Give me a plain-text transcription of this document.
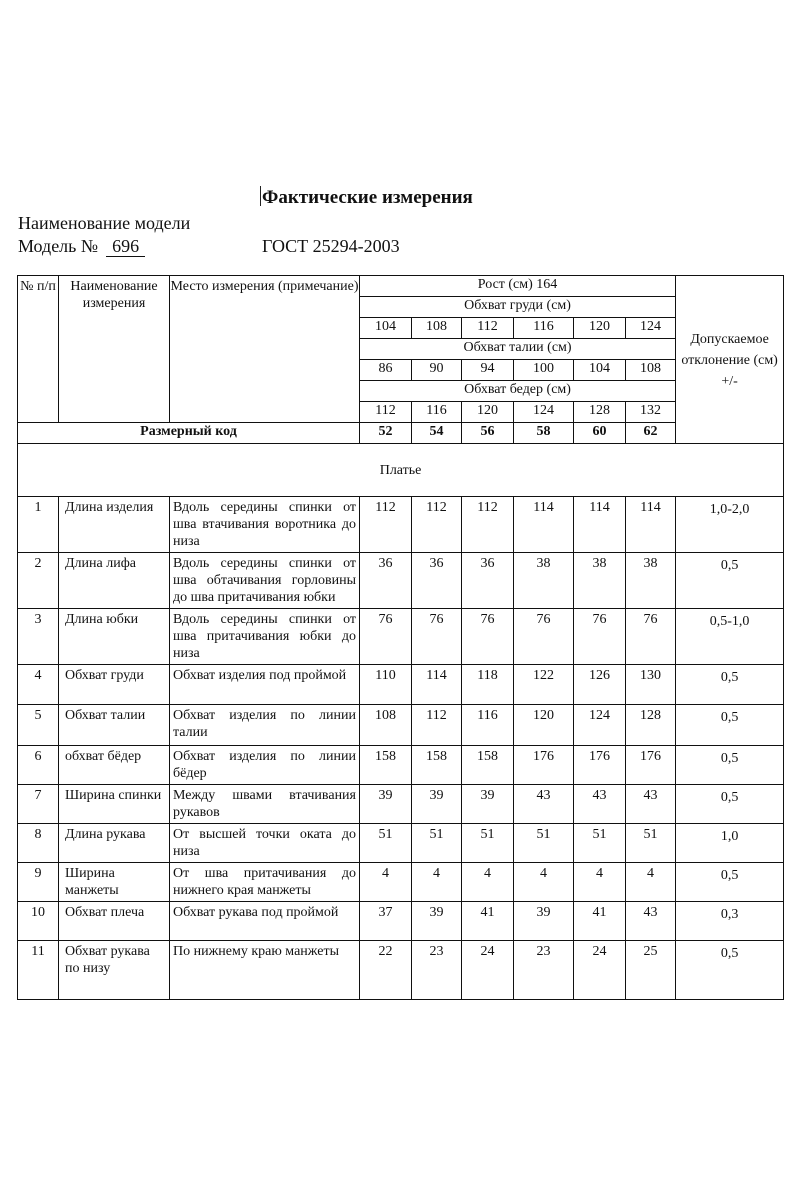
Фактические измерения
Наименование модели
Модель № 696	ГОСТ 25294-2003
№ п/п	Наименование измерения	Место измерения (примечание)	Рост (см) 164						Допускаемое отклонение (см) +/-
			Обхват груди (см)						
			104	108	112	116	120	124	
			Обхват талии (см)						
			86	90	94	100	104	108	
			Обхват бедер (см)						
			112	116	120	124	128	132	
Размерный код			52	54	56	58	60	62	
Платье									
1	Длина изделия	Вдоль середины спинки от шва втачивания воротника до низа	112	112	112	114	114	114	1,0-2,0
2	Длина лифа	Вдоль середины спинки от шва обтачивания горловины до шва притачивания юбки	36	36	36	38	38	38	0,5
3	Длина юбки	Вдоль середины спинки от шва притачивания юбки до низа	76	76	76	76	76	76	0,5-1,0
4	Обхват груди	Обхват изделия под проймой	110	114	118	122	126	130	0,5
5	Обхват талии	Обхват изделия по линии талии	108	112	116	120	124	128	0,5
6	обхват бёдер	Обхват изделия по линии бёдер	158	158	158	176	176	176	0,5
7	Ширина спинки	Между швами втачивания рукавов	39	39	39	43	43	43	0,5
8	Длина рукава	От высшей точки оката до низа	51	51	51	51	51	51	1,0
9	Ширина манжеты	От шва притачивания до нижнего края манжеты	4	4	4	4	4	4	0,5
10	Обхват плеча	Обхват рукава под проймой	37	39	41	39	41	43	0,3
11	Обхват рукава по низу	По нижнему краю манжеты	22	23	24	23	24	25	0,5
